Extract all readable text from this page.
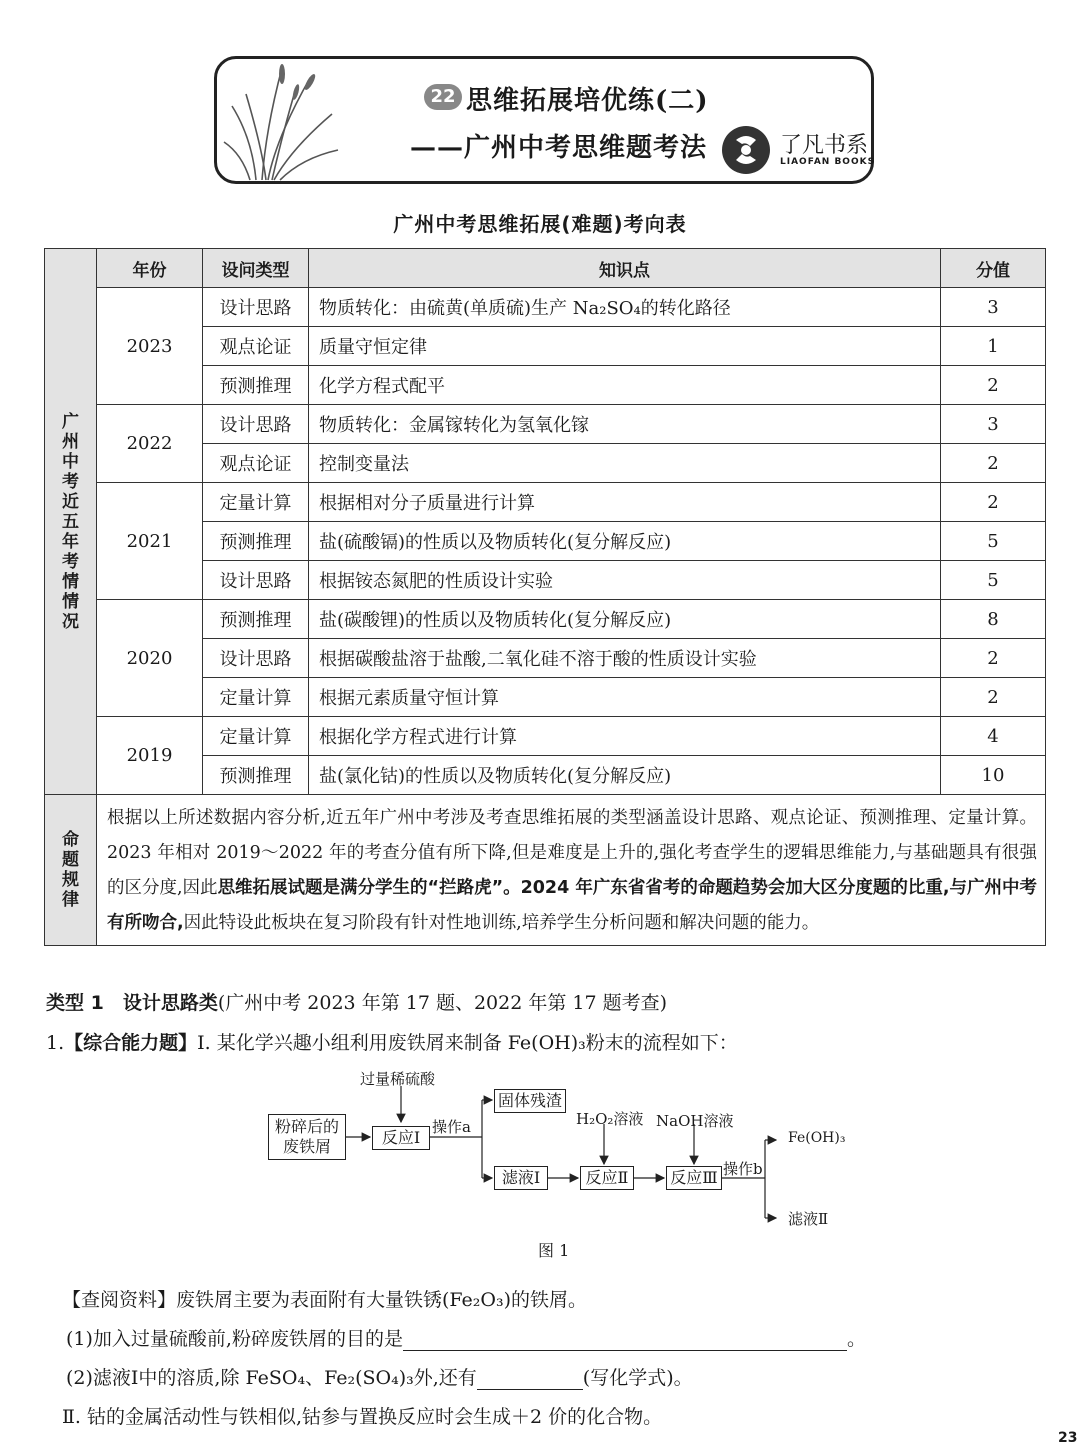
22 思维拓展培优练(二)
——广州中考思维题考法	了凡书系
LIAOFAN BOOKS
广州中考思维拓展(难题)考向表
广州中考近五年考情情况	年份	设问类型	知识点	分值
	2023	设计思路	物质转化：由硫黄(单质硫)生产 Na₂SO₄的转化路径	3
		观点论证	质量守恒定律	1
		预测推理	化学方程式配平	2
	2022	设计思路	物质转化：金属镓转化为氢氧化镓	3
		观点论证	控制变量法	2
	2021	定量计算	根据相对分子质量进行计算	2
		预测推理	盐(硫酸镉)的性质以及物质转化(复分解反应)	5
		设计思路	根据铵态氮肥的性质设计实验	5
	2020	预测推理	盐(碳酸锂)的性质以及物质转化(复分解反应)	8
		设计思路	根据碳酸盐溶于盐酸,二氧化硅不溶于酸的性质设计实验	2
		定量计算	根据元素质量守恒计算	2
	2019	定量计算	根据化学方程式进行计算	4
		预测推理	盐(氯化钴)的性质以及物质转化(复分解反应)	10
命题规律	根据以上所述数据内容分析,近五年广州中考涉及考查思维拓展的类型涵盖设计思路、观点论证、预测推理、定量计算。2023 年相对 2019～2022 年的考查分值有所下降,但是难度是上升的,强化考查学生的逻辑思维能力,与基础题具有很强的区分度,因此思维拓展试题是满分学生的“拦路虎”。2024 年广东省省考的命题趋势会加大区分度题的比重,与广州中考有所吻合,因此特设此板块在复习阶段有针对性地训练,培养学生分析问题和解决问题的能力。			
类型 1　设计思路类(广州中考 2023 年第 17 题、2022 年第 17 题考查)
1.【综合能力题】Ⅰ. 某化学兴趣小组利用废铁屑来制备 Fe(OH)₃粉末的流程如下：
过量稀硫酸
粉碎后的废铁屑	反应Ⅰ
操作a
固体残渣
滤液Ⅰ
H₂O₂溶液
反应Ⅱ
NaOH溶液
反应Ⅲ 操作b
Fe(OH)₃
滤液Ⅱ
图 1
【查阅资料】废铁屑主要为表面附有大量铁锈(Fe₂O₃)的铁屑。
(1)加入过量硫酸前,粉碎废铁屑的目的是	。
(2)滤液Ⅰ中的溶质,除 FeSO₄、Fe₂(SO₄)₃外,还有	(写化学式)。
Ⅱ. 钴的金属活动性与铁相似,钴参与置换反应时会生成＋2 价的化合物。
23
